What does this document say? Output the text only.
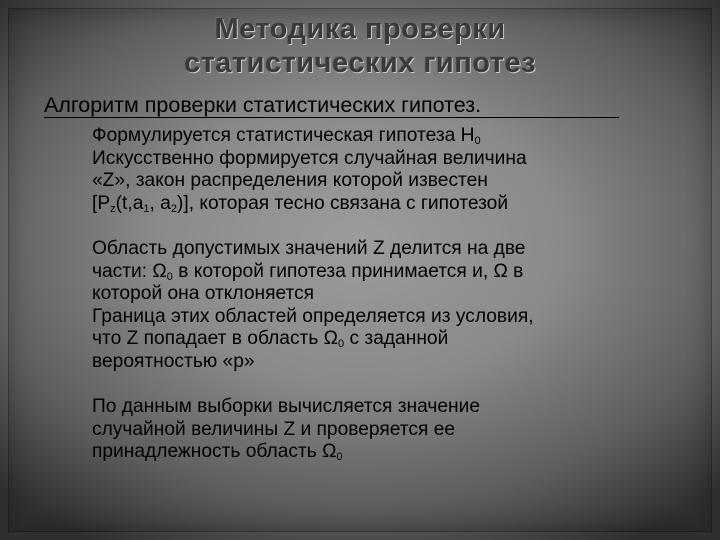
Методика проверки
статистических гипотез
Алгоритм проверки статистических гипотез.

Формулируется статистическая гипотеза $Н_0$

Искусственно формируется случайная величина
«Z», закон распределения которой известен
[$P_z(t,a_1$, $a_2$)], которая тесно связана с гипотезой

Область допустимых значений Z делится на две
части: $\Omega_0$ в которой гипотеза принимается и, Ω в
которой она отклоняется

Граница этих областей определяется из условия,
что Z попадает в область $\Omega_0$ с заданной
вероятностью «р»

По данным выборки вычисляется значение
случайной величины Z и проверяется ее
принадлежность область $\Omega_0$
